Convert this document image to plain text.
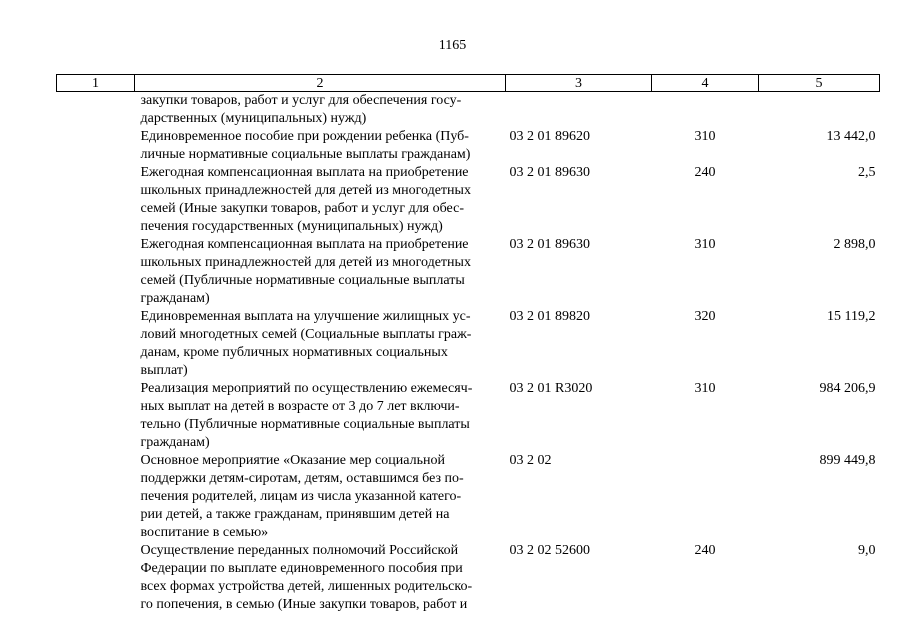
1165
1	2	3	4	5

	закупки товаров, работ и услуг для обеспечения госу-
дарственных (муниципальных) нужд)			

	Единовременное пособие при рождении ребенка (Пуб-
личные нормативные социальные выплаты гражданам)	03 2 01 89620	310	13 442,0

	Ежегодная компенсационная выплата на приобретение
школьных принадлежностей для детей из многодетных
семей (Иные закупки товаров, работ и услуг для обес-
печения государственных (муниципальных) нужд)	03 2 01 89630	240	2,5

	Ежегодная компенсационная выплата на приобретение
школьных принадлежностей для детей из многодетных
семей (Публичные нормативные социальные выплаты
гражданам)	03 2 01 89630	310	2 898,0

	Единовременная выплата на улучшение жилищных ус-
ловий многодетных семей (Социальные выплаты граж-
данам, кроме публичных нормативных социальных
выплат)	03 2 01 89820	320	15 119,2

	Реализация мероприятий по осуществлению ежемесяч-
ных выплат на детей в возрасте от 3 до 7 лет включи-
тельно (Публичные нормативные социальные выплаты
гражданам)	03 2 01 R3020	310	984 206,9

	Основное мероприятие «Оказание мер социальной
поддержки детям-сиротам, детям, оставшимся без по-
печения родителей, лицам из числа указанной катего-
рии детей, а также гражданам, принявшим детей на
воспитание в семью»	03 2 02		899 449,8

	Осуществление переданных полномочий Российской
Федерации по выплате единовременного пособия при
всех формах устройства детей, лишенных родительско-
го попечения, в семью (Иные закупки товаров, работ и	03 2 02 52600	240	9,0
